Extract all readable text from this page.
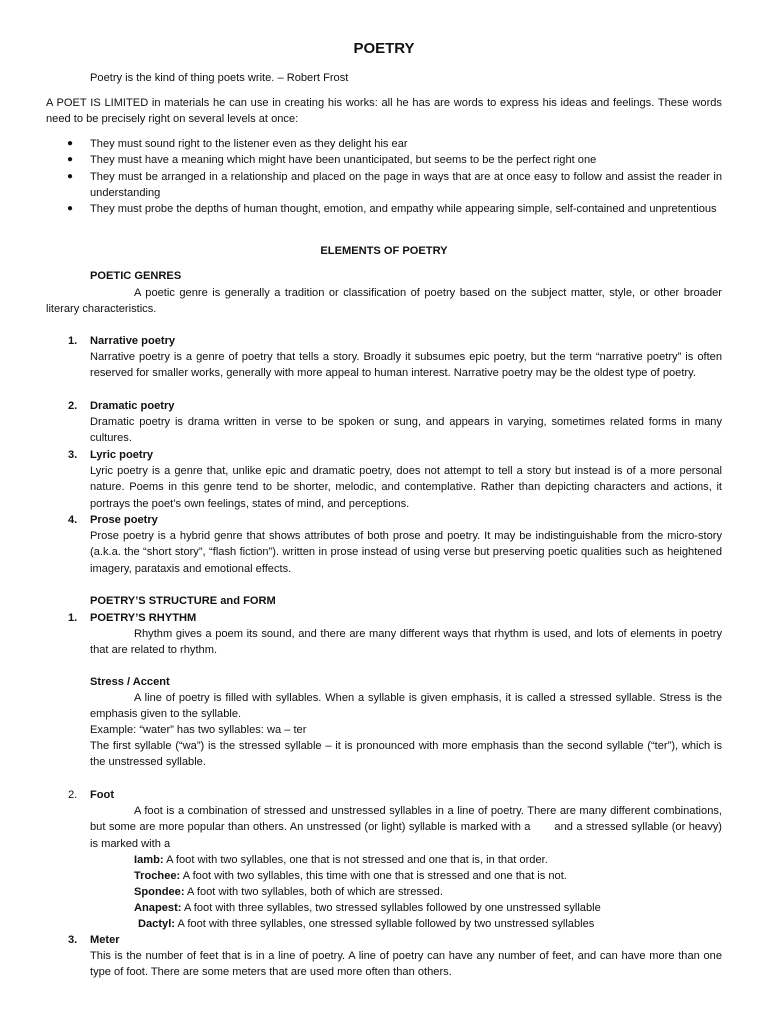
POETRY
Poetry is the kind of thing poets write. – Robert Frost
A POET IS LIMITED in materials he can use in creating his works: all he has are words to express his ideas and feelings. These words need to be precisely right on several levels at once:
● They must sound right to the listener even as they delight his ear
● They must have a meaning which might have been unanticipated, but seems to be the perfect right one
● They must be arranged in a relationship and placed on the page in ways that are at once easy to follow and assist the reader in understanding
● They must probe the depths of human thought, emotion, and empathy while appearing simple, self-contained and unpretentious
ELEMENTS OF POETRY
POETIC GENRES
A poetic genre is generally a tradition or classification of poetry based on the subject matter, style, or other broader literary characteristics.
1. Narrative poetry
Narrative poetry is a genre of poetry that tells a story. Broadly it subsumes epic poetry, but the term “narrative poetry” is often reserved for smaller works, generally with more appeal to human interest. Narrative poetry may be the oldest type of poetry.
2. Dramatic poetry
Dramatic poetry is drama written in verse to be spoken or sung, and appears in varying, sometimes related forms in many cultures.
3. Lyric poetry
Lyric poetry is a genre that, unlike epic and dramatic poetry, does not attempt to tell a story but instead is of a more personal nature. Poems in this genre tend to be shorter, melodic, and contemplative. Rather than depicting characters and actions, it portrays the poet’s own feelings, states of mind, and perceptions.
4. Prose poetry
Prose poetry is a hybrid genre that shows attributes of both prose and poetry. It may be indistinguishable from the micro-story (a.k.a. the “short story”, “flash fiction”). written in prose instead of using verse but preserving poetic qualities such as heightened imagery, parataxis and emotional effects.
POETRY’S STRUCTURE and FORM
1. POETRY’S RHYTHM
Rhythm gives a poem its sound, and there are many different ways that rhythm is used, and lots of elements in poetry that are related to rhythm.
Stress / Accent
A line of poetry is filled with syllables. When a syllable is given emphasis, it is called a stressed syllable. Stress is the emphasis given to the syllable.
Example: “water” has two syllables: wa – ter
The first syllable (“wa”) is the stressed syllable – it is pronounced with more emphasis than the second syllable (“ter”), which is the unstressed syllable.
2. Foot
A foot is a combination of stressed and unstressed syllables in a line of poetry. There are many different combinations, but some are more popular than others. An unstressed (or light) syllable is marked with a       and a stressed syllable (or heavy) is marked with a
Iamb: A foot with two syllables, one that is not stressed and one that is, in that order.
Trochee: A foot with two syllables, this time with one that is stressed and one that is not.
Spondee: A foot with two syllables, both of which are stressed.
Anapest: A foot with three syllables, two stressed syllables followed by one unstressed syllable
Dactyl: A foot with three syllables, one stressed syllable followed by two unstressed syllables
3. Meter
This is the number of feet that is in a line of poetry. A line of poetry can have any number of feet, and can have more than one type of foot. There are some meters that are used more often than others.
